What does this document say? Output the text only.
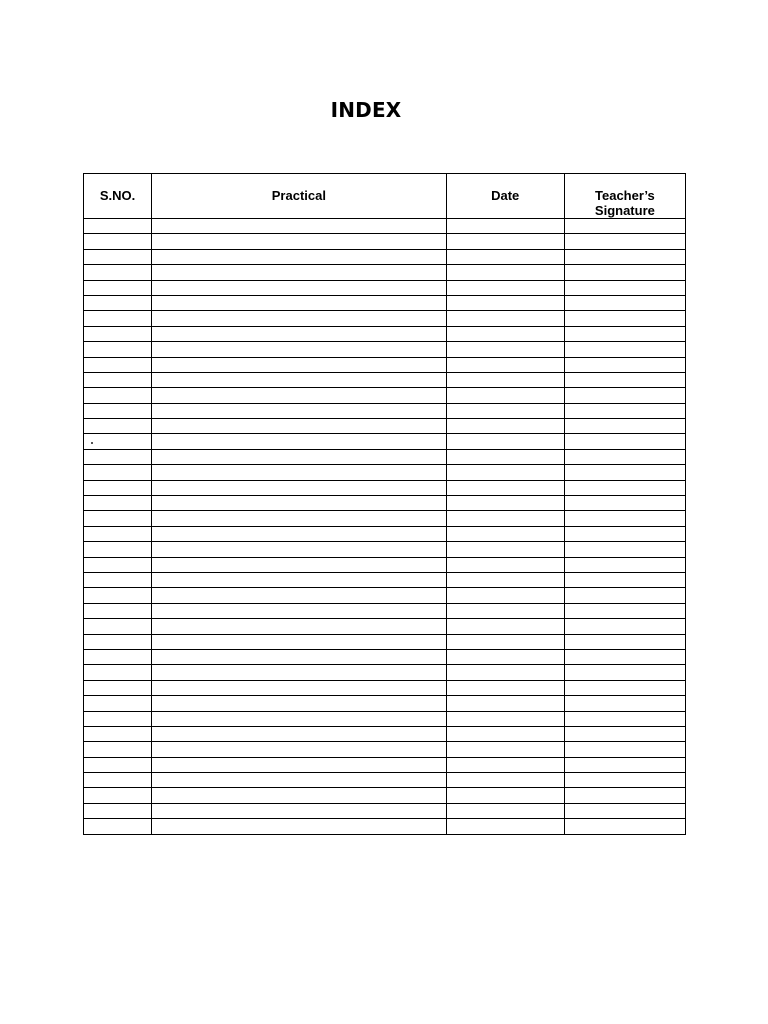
INDEX
S.NO.	Practical	Date	Teacher’s Signature
